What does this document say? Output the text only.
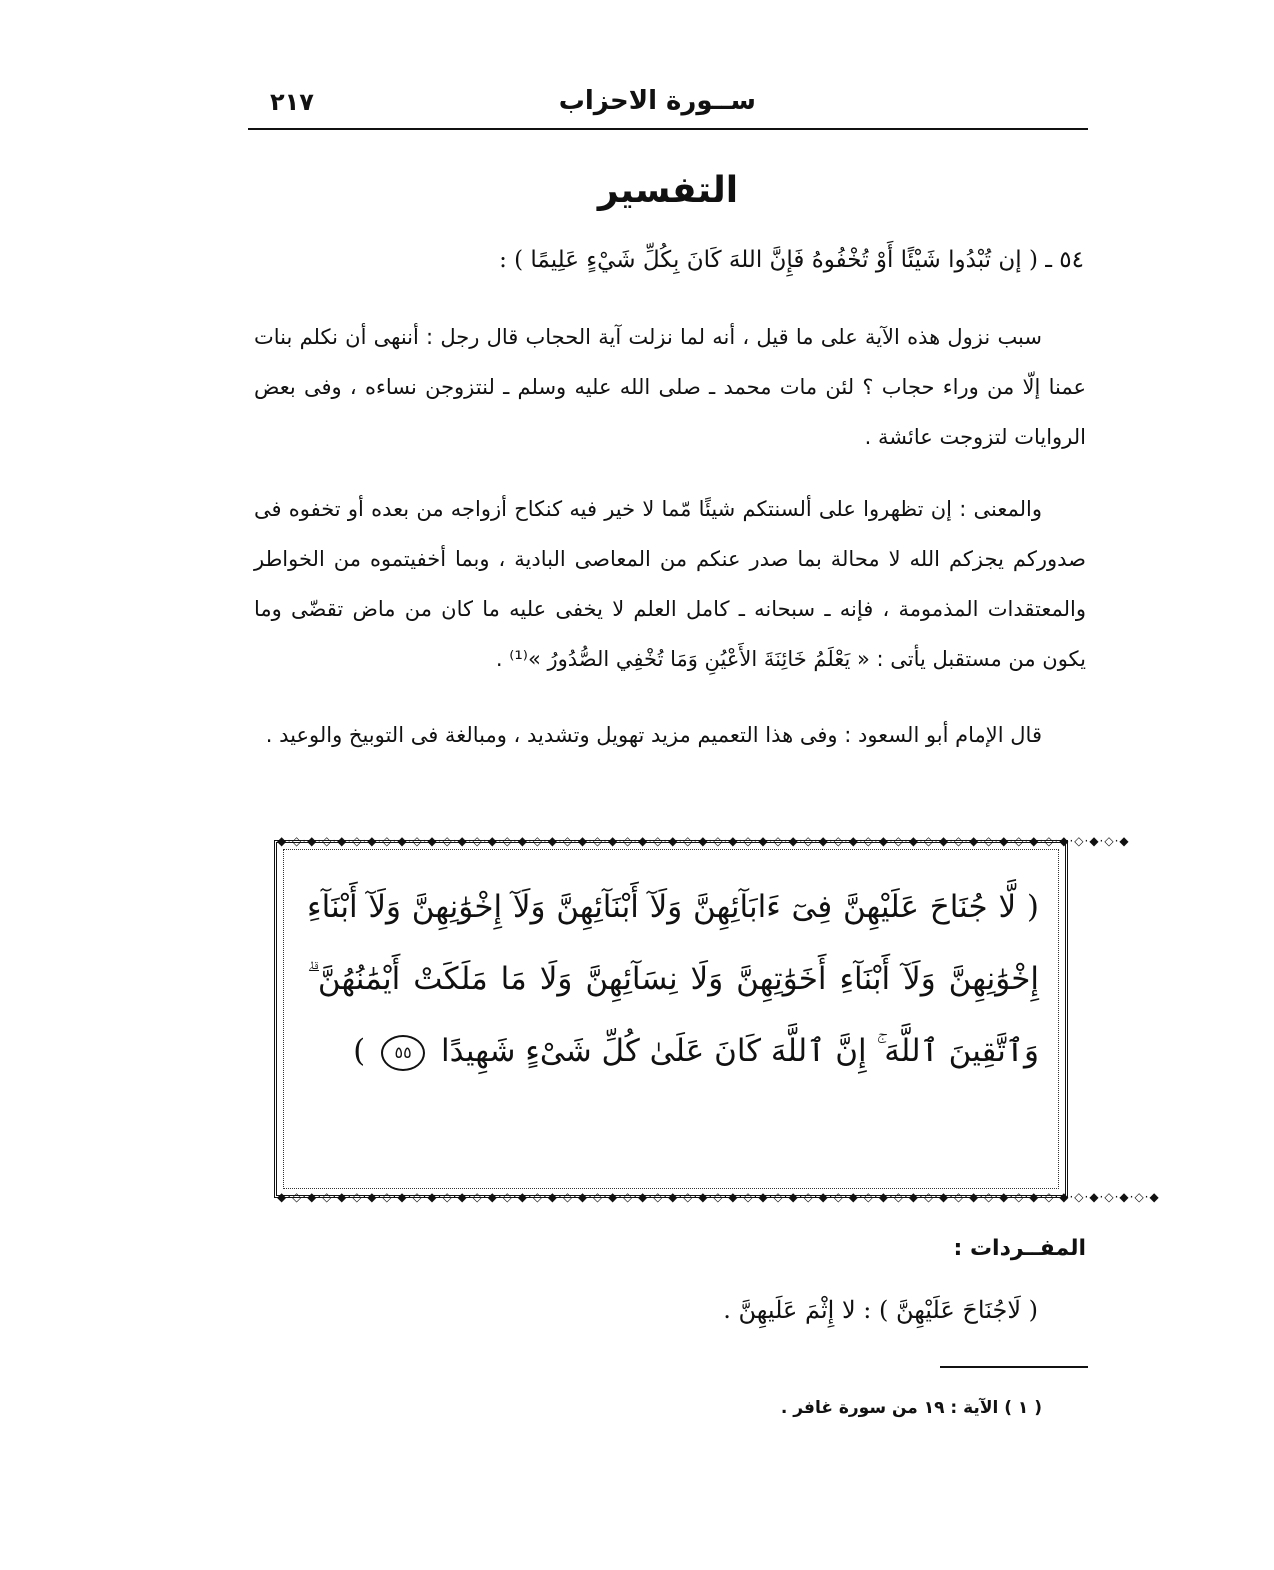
ســورة الاحزاب
٢١٧
التفسير
٥٤ ـ ( إن تُبْدُوا شَيْئًا أَوْ تُخْفُوهُ فَإِنَّ اللهَ كَانَ بِكُلِّ شَيْءٍ عَلِيمًا ) :
سبب نزول هذه الآية على ما قيل ، أنه لما نزلت آية الحجاب قال رجل : أننهى أن نكلم بنات عمنا إلّا من وراء حجاب ؟ لئن مات محمد ـ صلى الله عليه وسلم ـ لنتزوجن نساءه ، وفى بعض الروايات لتزوجت عائشة .
والمعنى : إن تظهروا على ألسنتكم شيئًا مّما لا خير فيه كنكاح أزواجه من بعده أو تخفوه فى صدوركم يجزكم الله لا محالة بما صدر عنكم من المعاصى البادية ، وبما أخفيتموه من الخواطر والمعتقدات المذمومة ، فإنه ـ سبحانه ـ كامل العلم لا يخفى عليه ما كان من ماض تقضّى وما يكون من مستقبل يأتى : « يَعْلَمُ خَائِنَةَ الأَعْيُنِ وَمَا تُخْفِي الصُّدُورُ »⁽¹⁾ .
قال الإمام أبو السعود : وفى هذا التعميم مزيد تهويل وتشديد ، ومبالغة فى التوبيخ والوعيد .
◆·◇·◆·◇·◆·◇·◆·◇·◆·◇·◆·◇·◆·◇·◆·◇·◆·◇·◆·◇·◆·◇·◆·◇·◆·◇·◆·◇·◆·◇·◆·◇·◆·◇·◆·◇·◆·◇·◆·◇·◆·◇·◆·◇·◆·◇·◆·◇·◆·◇·◆·◇·◆·◇·◆·◇·◆
( لَّا جُنَاحَ عَلَيْهِنَّ فِىٓ ءَابَآئِهِنَّ وَلَآ أَبْنَآئِهِنَّ وَلَآ إِخْوَٰنِهِنَّ وَلَآ أَبْنَآءِ إِخْوَٰنِهِنَّ وَلَآ أَبْنَآءِ أَخَوَٰتِهِنَّ وَلَا نِسَآئِهِنَّ وَلَا مَا مَلَكَتْ أَيْمَٰنُهُنَّ ۗ وَٱتَّقِينَ ٱللَّهَ ۚ إِنَّ ٱللَّهَ كَانَ عَلَىٰ كُلِّ شَىْءٍ شَهِيدًا ٥٥ )
◆·◇·◆·◇·◆·◇·◆·◇·◆·◇·◆·◇·◆·◇·◆·◇·◆·◇·◆·◇·◆·◇·◆·◇·◆·◇·◆·◇·◆·◇·◆·◇·◆·◇·◆·◇·◆·◇·◆·◇·◆·◇·◆·◇·◆·◇·◆·◇·◆·◇·◆·◇·◆·◇·◆·◇·◆·◇·◆
المفــردات :
( لَاجُنَاحَ عَلَيْهِنَّ ) : لا إِثْمَ عَلَيهِنَّ .
( ١ ) الآية : ١٩ من سورة غافر .
